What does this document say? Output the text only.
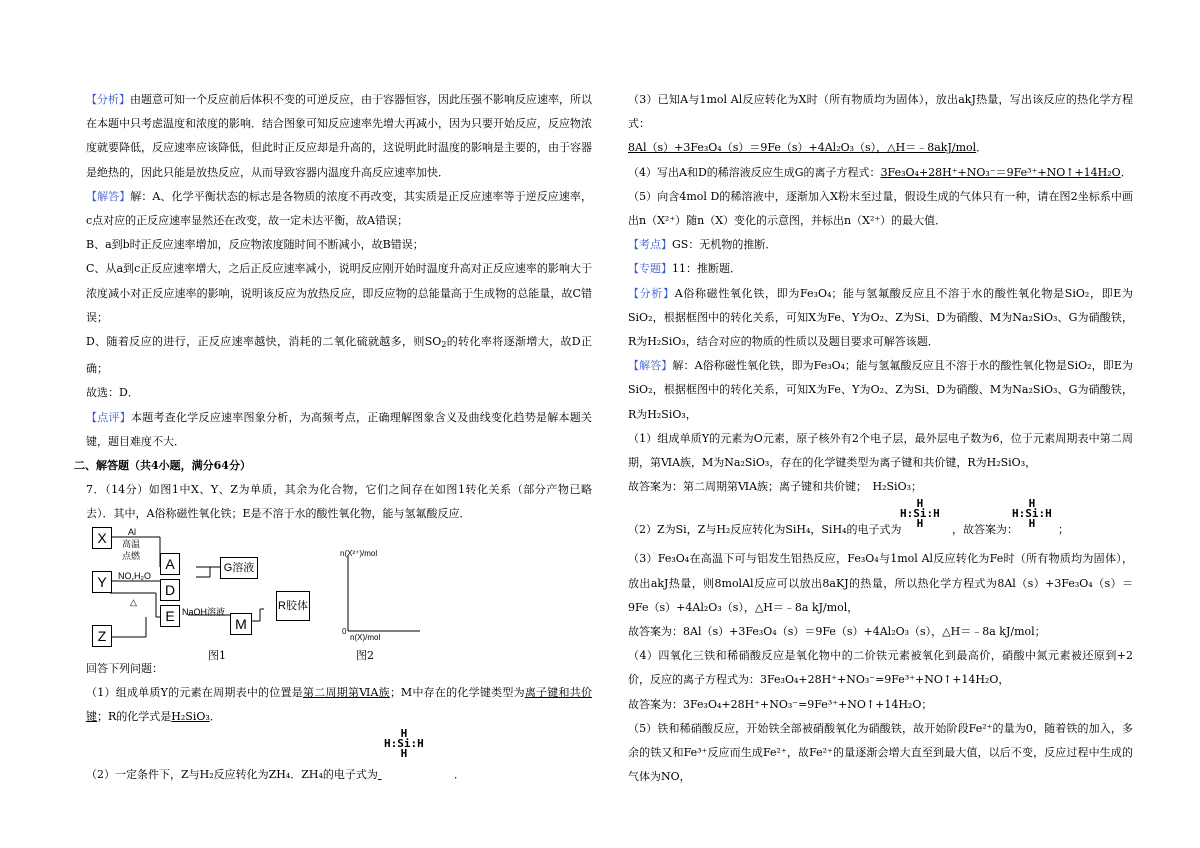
【分析】由题意可知一个反应前后体积不变的可逆反应，由于容器恒容，因此压强不影响反应速率，所以在本题中只考虑温度和浓度的影响．结合图象可知反应速率先增大再减小，因为只要开始反应，反应物浓度就要降低，反应速率应该降低，但此时正反应却是升高的，这说明此时温度的影响是主要的，由于容器是绝热的，因此只能是放热反应，从而导致容器内温度升高反应速率加快．

【解答】解：A、化学平衡状态的标志是各物质的浓度不再改变，其实质是正反应速率等于逆反应速率，c点对应的正反应速率显然还在改变，故一定未达平衡，故A错误；

B、a到b时正反应速率增加，反应物浓度随时间不断减小，故B错误；

C、从a到c正反应速率增大，之后正反应速率减小，说明反应刚开始时温度升高对正反应速率的影响大于浓度减小对正反应速率的影响，说明该反应为放热反应，即反应物的总能量高于生成物的总能量，故C错误；

D、随着反应的进行，正反应速率越快，消耗的二氧化硫就越多，则$SO_2$的转化率将逐渐增大，故D正确；

故选：D．

【点评】本题考查化学反应速率图象分析，为高频考点，正确理解图象含义及曲线变化趋势是解本题关键，题目难度不大．

二、解答题（共4小题，满分64分）

7．（14分）如图1中X、Y、Z为单质，其余为化合物，它们之间存在如图1转化关系（部分产物已略去）．其中，A俗称磁性氧化铁；E是不溶于水的酸性氧化物，能与氢氟酸反应．

X
Y
Z
A
D
E
G溶液
M
R胶体
Al
高温
点燃
NO,H₂O
△
NaOH溶液
n(X²⁺)/mol
n(X)/mol
0
图1	图2

回答下列问题：

（1）组成单质Y的元素在周期表中的位置是第二周期第ⅥA族；M中存在的化学键类型为离子键和共价键；R的化学式是H₂SiO₃．

H
H:Si:H
H

（2）一定条件下，Z与H₂反应转化为ZH₄．ZH₄的电子式为	．

（3）已知A与1mol Al反应转化为X时（所有物质均为固体），放出akJ热量，写出该反应的热化学方程式：

8Al（s）+3Fe₃O₄（s）＝9Fe（s）+4Al₂O₃（s），△H＝﹣8akJ/mol．

（4）写出A和D的稀溶液反应生成G的离子方程式：3Fe₃O₄+28H⁺+NO₃⁻＝9Fe³⁺+NO↑+14H₂O．

（5）向含4mol D的稀溶液中，逐渐加入X粉末至过量，假设生成的气体只有一种，请在图2坐标系中画出n（X²⁺）随n（X）变化的示意图，并标出n（X²⁺）的最大值．

【考点】GS：无机物的推断．

【专题】11：推断题．

【分析】A俗称磁性氧化铁，即为Fe₃O₄；能与氢氟酸反应且不溶于水的酸性氧化物是SiO₂，即E为SiO₂，根据框图中的转化关系，可知X为Fe、Y为O₂、Z为Si、D为硝酸、M为Na₂SiO₃、G为硝酸铁，R为H₂SiO₃，结合对应的物质的性质以及题目要求可解答该题．

【解答】解：A俗称磁性氧化铁，即为Fe₃O₄；能与氢氟酸反应且不溶于水的酸性氧化物是SiO₂，即E为SiO₂，根据框图中的转化关系，可知X为Fe、Y为O₂、Z为Si、D为硝酸、M为Na₂SiO₃、G为硝酸铁，R为H₂SiO₃，

（1）组成单质Y的元素为O元素，原子核外有2个电子层，最外层电子数为6，位于元素周期表中第二周期，第ⅥA族，M为Na₂SiO₃，存在的化学键类型为离子键和共价键，R为H₂SiO₃，

故答案为：第二周期第ⅥA族；离子键和共价键；　H₂SiO₃；

（2）Z为Si，Z与H₂反应转化为SiH₄，SiH₄的电子式为
H
H:Si:H
H	，故答案为：
H
H:Si:H
H	；

（3）Fe₃O₄在高温下可与铝发生铝热反应，Fe₃O₄与1mol Al反应转化为Fe时（所有物质均为固体），放出akJ热量，则8molAl反应可以放出8aKJ的热量，所以热化学方程式为8Al（s）+3Fe₃O₄（s）＝9Fe（s）+4Al₂O₃（s），△H＝﹣8a kJ/mol，

故答案为：8Al（s）+3Fe₃O₄（s）＝9Fe（s）+4Al₂O₃（s），△H＝﹣8a kJ/mol；

（4）四氧化三铁和稀硝酸反应是氧化物中的二价铁元素被氧化到最高价，硝酸中氮元素被还原到+2价，反应的离子方程式为：3Fe₃O₄+28H⁺+NO₃⁻=9Fe³⁺+NO↑+14H₂O，

故答案为：3Fe₃O₄+28H⁺+NO₃⁻=9Fe³⁺+NO↑+14H₂O；

（5）铁和稀硝酸反应，开始铁全部被硝酸氧化为硝酸铁，故开始阶段Fe²⁺的量为0，随着铁的加入，多余的铁又和Fe³⁺反应而生成Fe²⁺，故Fe²⁺的量逐渐会增大直至到最大值，以后不变，反应过程中生成的气体为NO，
